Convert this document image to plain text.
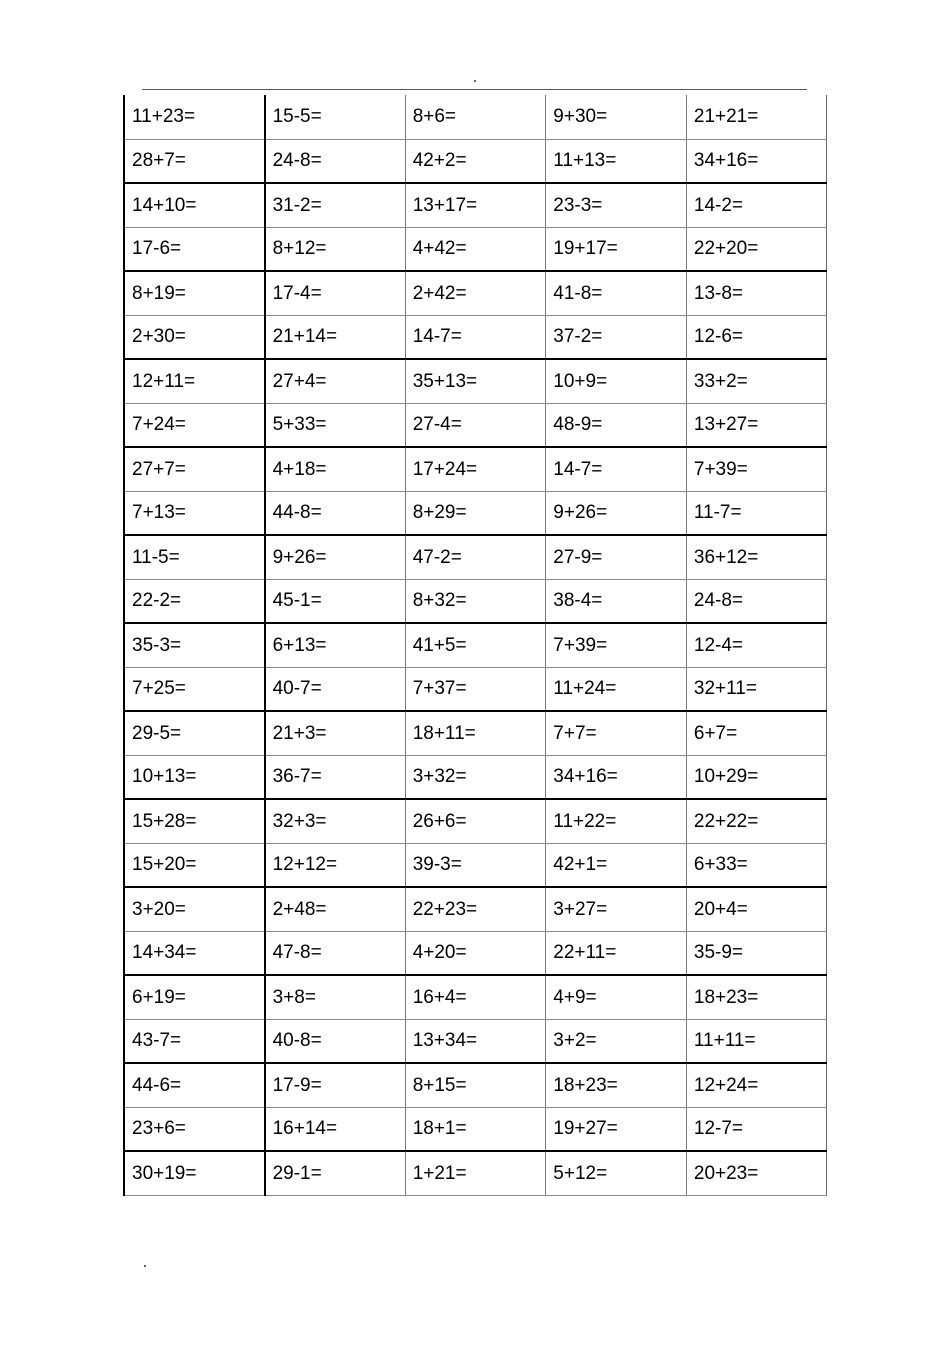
11+23=	15-5=	8+6=	9+30=	21+21=
28+7=	24-8=	42+2=	11+13=	34+16=
14+10=	31-2=	13+17=	23-3=	14-2=
17-6=	8+12=	4+42=	19+17=	22+20=
8+19=	17-4=	2+42=	41-8=	13-8=
2+30=	21+14=	14-7=	37-2=	12-6=
12+11=	27+4=	35+13=	10+9=	33+2=
7+24=	5+33=	27-4=	48-9=	13+27=
27+7=	4+18=	17+24=	14-7=	7+39=
7+13=	44-8=	8+29=	9+26=	11-7=
11-5=	9+26=	47-2=	27-9=	36+12=
22-2=	45-1=	8+32=	38-4=	24-8=
35-3=	6+13=	41+5=	7+39=	12-4=
7+25=	40-7=	7+37=	11+24=	32+11=
29-5=	21+3=	18+11=	7+7=	6+7=
10+13=	36-7=	3+32=	34+16=	10+29=
15+28=	32+3=	26+6=	11+22=	22+22=
15+20=	12+12=	39-3=	42+1=	6+33=
3+20=	2+48=	22+23=	3+27=	20+4=
14+34=	47-8=	4+20=	22+11=	35-9=
6+19=	3+8=	16+4=	4+9=	18+23=
43-7=	40-8=	13+34=	3+2=	11+11=
44-6=	17-9=	8+15=	18+23=	12+24=
23+6=	16+14=	18+1=	19+27=	12-7=
30+19=	29-1=	1+21=	5+12=	20+23=
